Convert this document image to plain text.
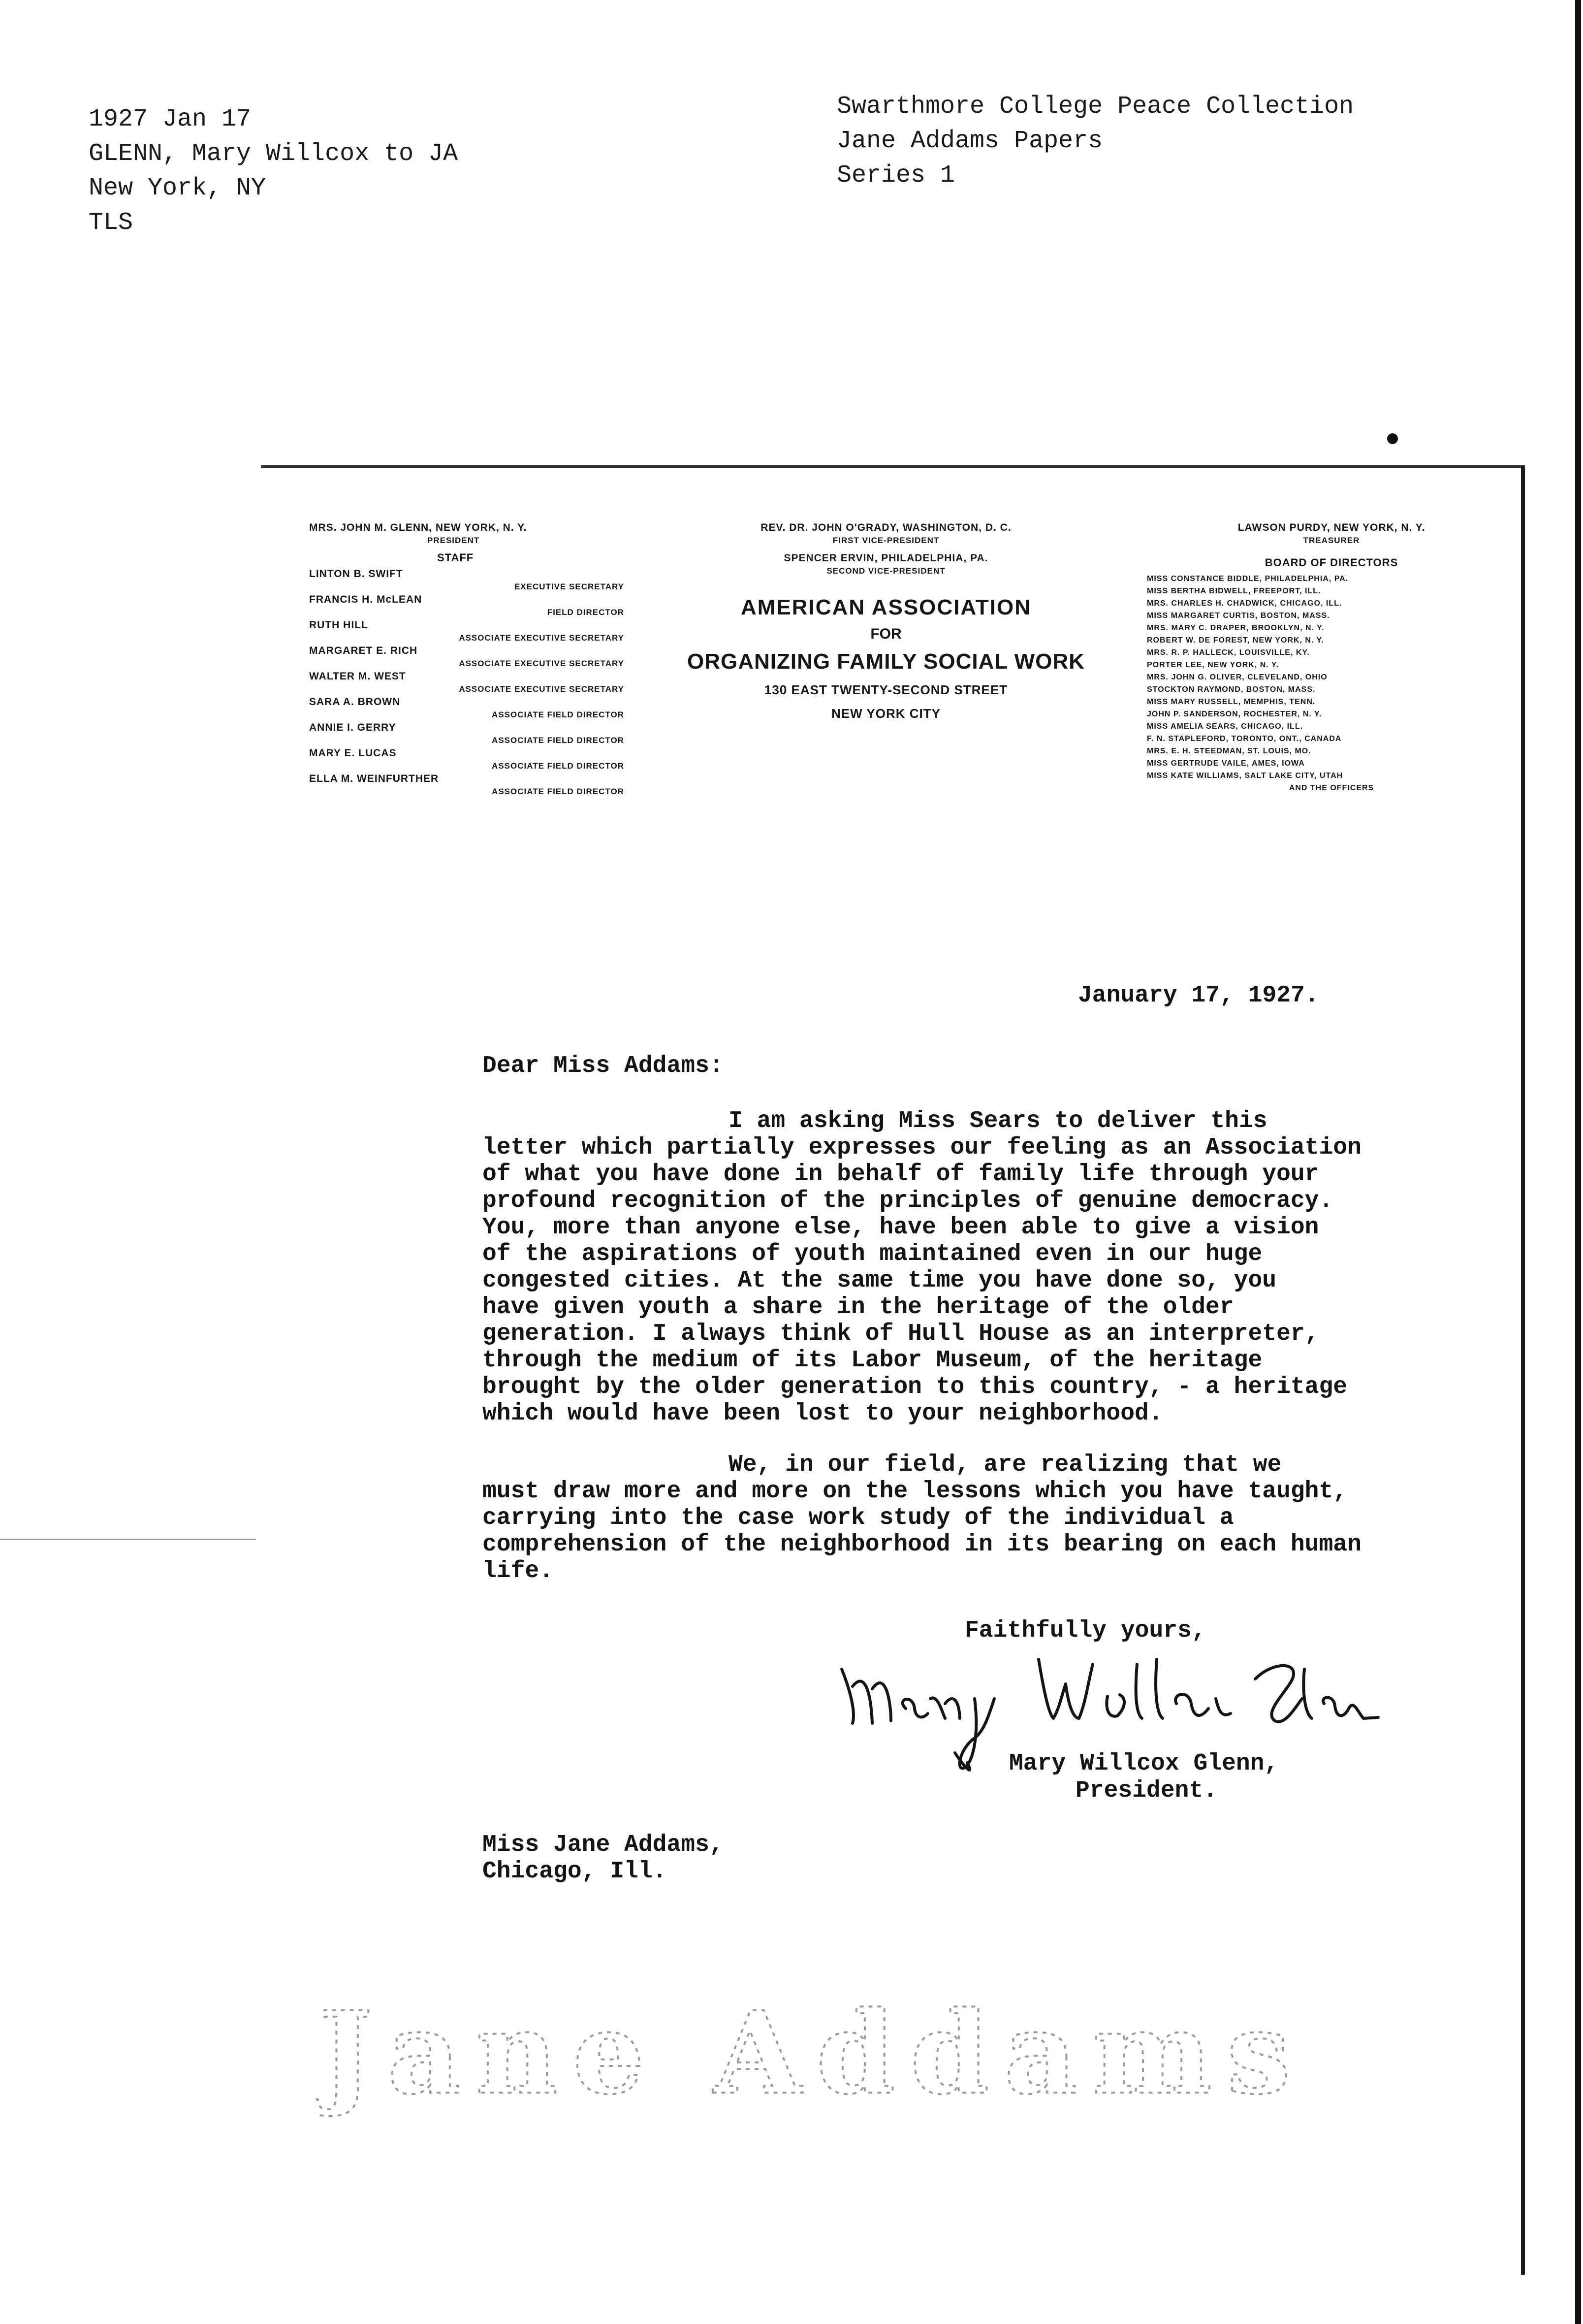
1927 Jan 17
GLENN, Mary Willcox to JA
New York, NY
TLS
Swarthmore College Peace Collection
Jane Addams Papers
Series 1
MRS. JOHN M. GLENN, NEW YORK, N. Y.
PRESIDENT
STAFF
LINTON B. SWIFT
EXECUTIVE SECRETARY
FRANCIS H. McLEAN
FIELD DIRECTOR
RUTH HILL
ASSOCIATE EXECUTIVE SECRETARY
MARGARET E. RICH
ASSOCIATE EXECUTIVE SECRETARY
WALTER M. WEST
ASSOCIATE EXECUTIVE SECRETARY
SARA A. BROWN
ASSOCIATE FIELD DIRECTOR
ANNIE I. GERRY
ASSOCIATE FIELD DIRECTOR
MARY E. LUCAS
ASSOCIATE FIELD DIRECTOR
ELLA M. WEINFURTHER
ASSOCIATE FIELD DIRECTOR
REV. DR. JOHN O'GRADY, WASHINGTON, D. C.
FIRST VICE-PRESIDENT
SPENCER ERVIN, PHILADELPHIA, PA.
SECOND VICE-PRESIDENT
AMERICAN ASSOCIATION
FOR
ORGANIZING FAMILY SOCIAL WORK
130 EAST TWENTY-SECOND STREET
NEW YORK CITY
LAWSON PURDY, NEW YORK, N. Y.
TREASURER
BOARD OF DIRECTORS
MISS CONSTANCE BIDDLE, PHILADELPHIA, PA.
MISS BERTHA BIDWELL, FREEPORT, ILL.
MRS. CHARLES H. CHADWICK, CHICAGO, ILL.
MISS MARGARET CURTIS, BOSTON, MASS.
MRS. MARY C. DRAPER, BROOKLYN, N. Y.
ROBERT W. DE FOREST, NEW YORK, N. Y.
MRS. R. P. HALLECK, LOUISVILLE, KY.
PORTER LEE, NEW YORK, N. Y.
MRS. JOHN G. OLIVER, CLEVELAND, OHIO
STOCKTON RAYMOND, BOSTON, MASS.
MISS MARY RUSSELL, MEMPHIS, TENN.
JOHN P. SANDERSON, ROCHESTER, N. Y.
MISS AMELIA SEARS, CHICAGO, ILL.
F. N. STAPLEFORD, TORONTO, ONT., CANADA
MRS. E. H. STEEDMAN, ST. LOUIS, MO.
MISS GERTRUDE VAILE, AMES, IOWA
MISS KATE WILLIAMS, SALT LAKE CITY, UTAH
AND THE OFFICERS
January 17, 1927.
Dear Miss Addams:
I am asking Miss Sears to deliver this
letter which partially expresses our feeling as an Association
of what you have done in behalf of family life through your
profound recognition of the principles of genuine democracy.
You, more than anyone else, have been able to give a vision
of the aspirations of youth maintained even in our huge
congested cities. At the same time you have done so, you
have given youth a share in the heritage of the older
generation. I always think of Hull House as an interpreter,
through the medium of its Labor Museum, of the heritage
brought by the older generation to this country, - a heritage
which would have been lost to your neighborhood.
We, in our field, are realizing that we
must draw more and more on the lessons which you have taught,
carrying into the case work study of the individual a
comprehension of the neighborhood in its bearing on each human
life.
Faithfully yours,
Mary Willcox Glenn,
President.
Miss Jane Addams,
Chicago, Ill.
Jane Addams
